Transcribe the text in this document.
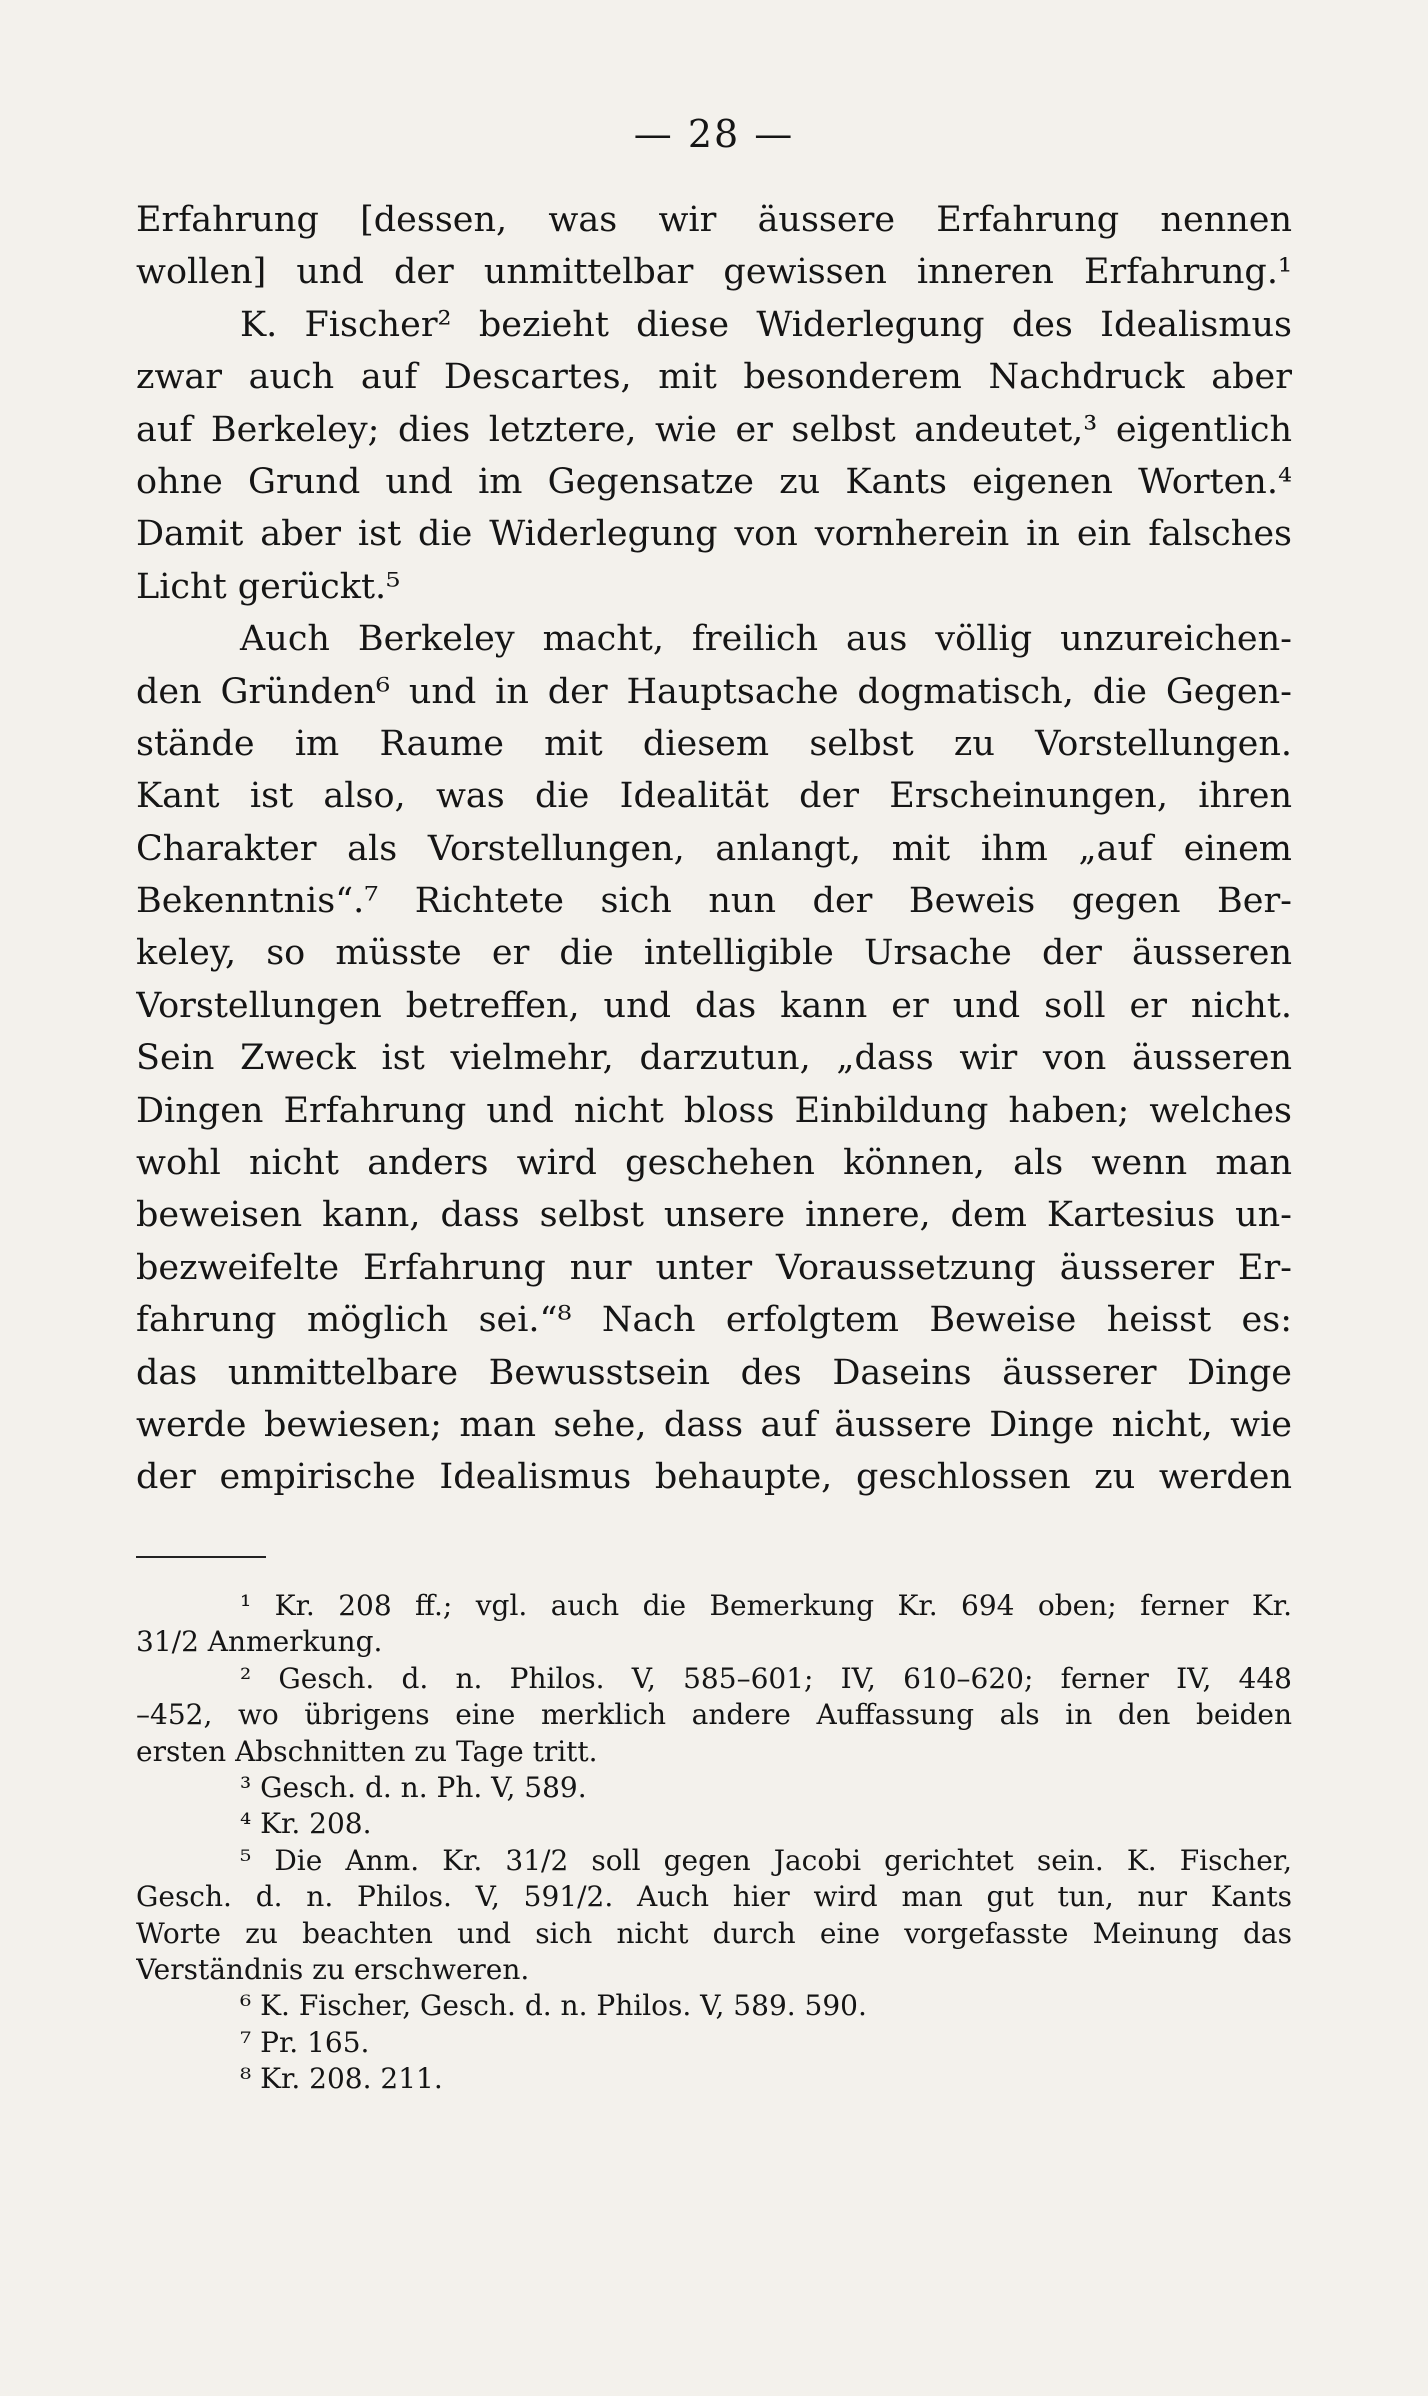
— 28 —
Erfahrung [dessen, was wir äussere Erfahrung nennen
wollen] und der unmittelbar gewissen inneren Erfahrung.¹
K. Fischer² bezieht diese Widerlegung des Idealismus
zwar auch auf Descartes, mit besonderem Nachdruck aber
auf Berkeley; dies letztere, wie er selbst andeutet,³ eigentlich
ohne Grund und im Gegensatze zu Kants eigenen Worten.⁴
Damit aber ist die Widerlegung von vornherein in ein falsches
Licht gerückt.⁵
Auch Berkeley macht, freilich aus völlig unzureichen-
den Gründen⁶ und in der Hauptsache dogmatisch, die Gegen-
stände im Raume mit diesem selbst zu Vorstellungen.
Kant ist also, was die Idealität der Erscheinungen, ihren
Charakter als Vorstellungen, anlangt, mit ihm „auf einem
Bekenntnis“.⁷ Richtete sich nun der Beweis gegen Ber-
keley, so müsste er die intelligible Ursache der äusseren
Vorstellungen betreffen, und das kann er und soll er nicht.
Sein Zweck ist vielmehr, darzutun, „dass wir von äusseren
Dingen Erfahrung und nicht bloss Einbildung haben; welches
wohl nicht anders wird geschehen können, als wenn man
beweisen kann, dass selbst unsere innere, dem Kartesius un-
bezweifelte Erfahrung nur unter Voraussetzung äusserer Er-
fahrung möglich sei.“⁸ Nach erfolgtem Beweise heisst es:
das unmittelbare Bewusstsein des Daseins äusserer Dinge
werde bewiesen; man sehe, dass auf äussere Dinge nicht, wie
der empirische Idealismus behaupte, geschlossen zu werden
¹ Kr. 208 ff.; vgl. auch die Bemerkung Kr. 694 oben; ferner Kr.
31/2 Anmerkung.
² Gesch. d. n. Philos. V, 585–601; IV, 610–620; ferner IV, 448
–452, wo übrigens eine merklich andere Auffassung als in den beiden
ersten Abschnitten zu Tage tritt.
³ Gesch. d. n. Ph. V, 589.
⁴ Kr. 208.
⁵ Die Anm. Kr. 31/2 soll gegen Jacobi gerichtet sein. K. Fischer,
Gesch. d. n. Philos. V, 591/2. Auch hier wird man gut tun, nur Kants
Worte zu beachten und sich nicht durch eine vorgefasste Meinung das
Verständnis zu erschweren.
⁶ K. Fischer, Gesch. d. n. Philos. V, 589. 590.
⁷ Pr. 165.
⁸ Kr. 208. 211.
